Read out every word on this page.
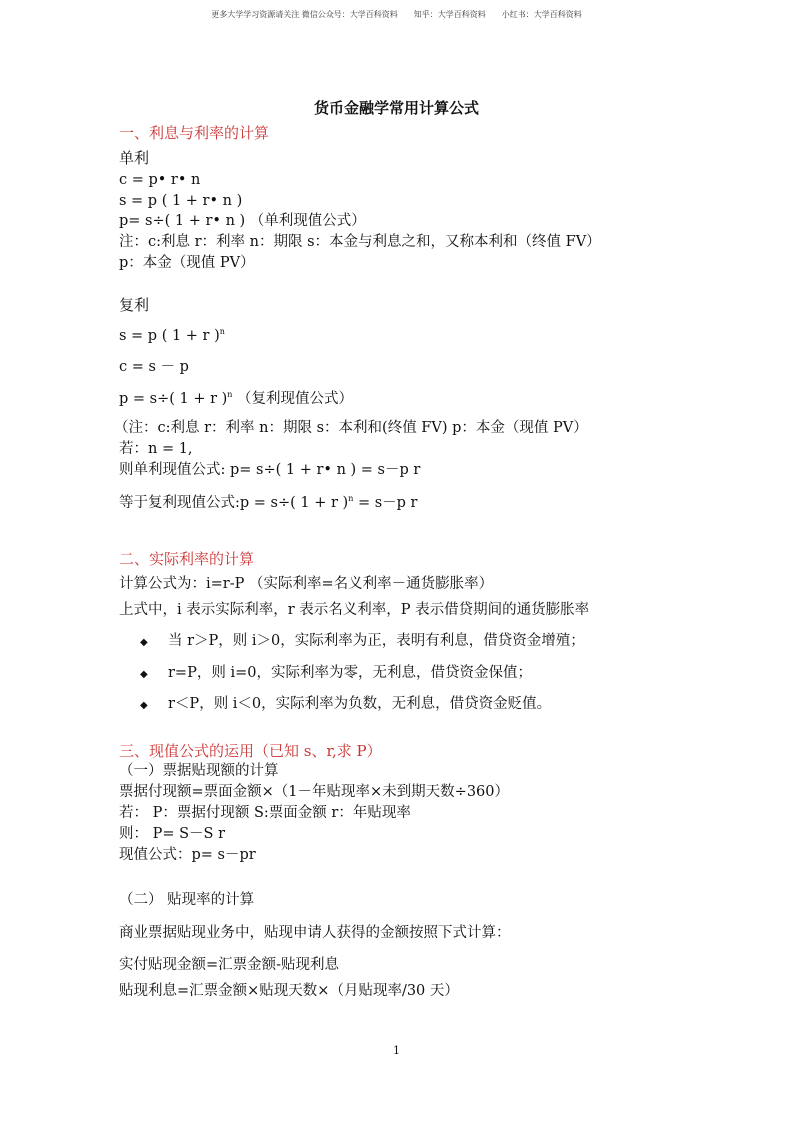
更多大学学习资源请关注 微信公众号：大学百科资料　　知乎：大学百科资料　　小红书：大学百科资料
货币金融学常用计算公式
一、利息与利率的计算
单利
c = p• r• n
s = p ( 1 + r• n )
p= s÷( 1 + r• n ) （单利现值公式）
注：c:利息 r：利率 n：期限 s：本金与利息之和，又称本利和（终值 FV）
p：本金（现值 PV）
复利
s = p ( 1 + r )$^n$
c = s － p
p = s÷( 1 + r )$^n$ （复利现值公式）
（注：c:利息 r：利率 n：期限 s：本利和(终值 FV) p：本金（现值 PV）
若：n = 1,
则单利现值公式: p= s÷( 1 + r• n ) = s－p r
等于复利现值公式:p = s÷( 1 + r )$^n$ = s－p r
二、实际利率的计算
计算公式为：i=r-P （实际利率=名义利率－通货膨胀率）
上式中，i 表示实际利率，r 表示名义利率，P 表示借贷期间的通货膨胀率
◆ 当 r＞P，则 i＞0，实际利率为正，表明有利息，借贷资金增殖；
◆ r=P，则 i=0，实际利率为零，无利息，借贷资金保值；
◆ r＜P，则 i＜0，实际利率为负数，无利息，借贷资金贬值。
三、现值公式的运用（已知 s、r,求 P）
（一）票据贴现额的计算
票据付现额=票面金额×（1－年贴现率×未到期天数÷360）
若： P：票据付现额 S:票面金额 r：年贴现率
则： P= S－S r
现值公式：p= s－pr
（二） 贴现率的计算
商业票据贴现业务中，贴现申请人获得的金额按照下式计算：
实付贴现金额=汇票金额-贴现利息
贴现利息=汇票金额×贴现天数×（月贴现率/30 天）
1
